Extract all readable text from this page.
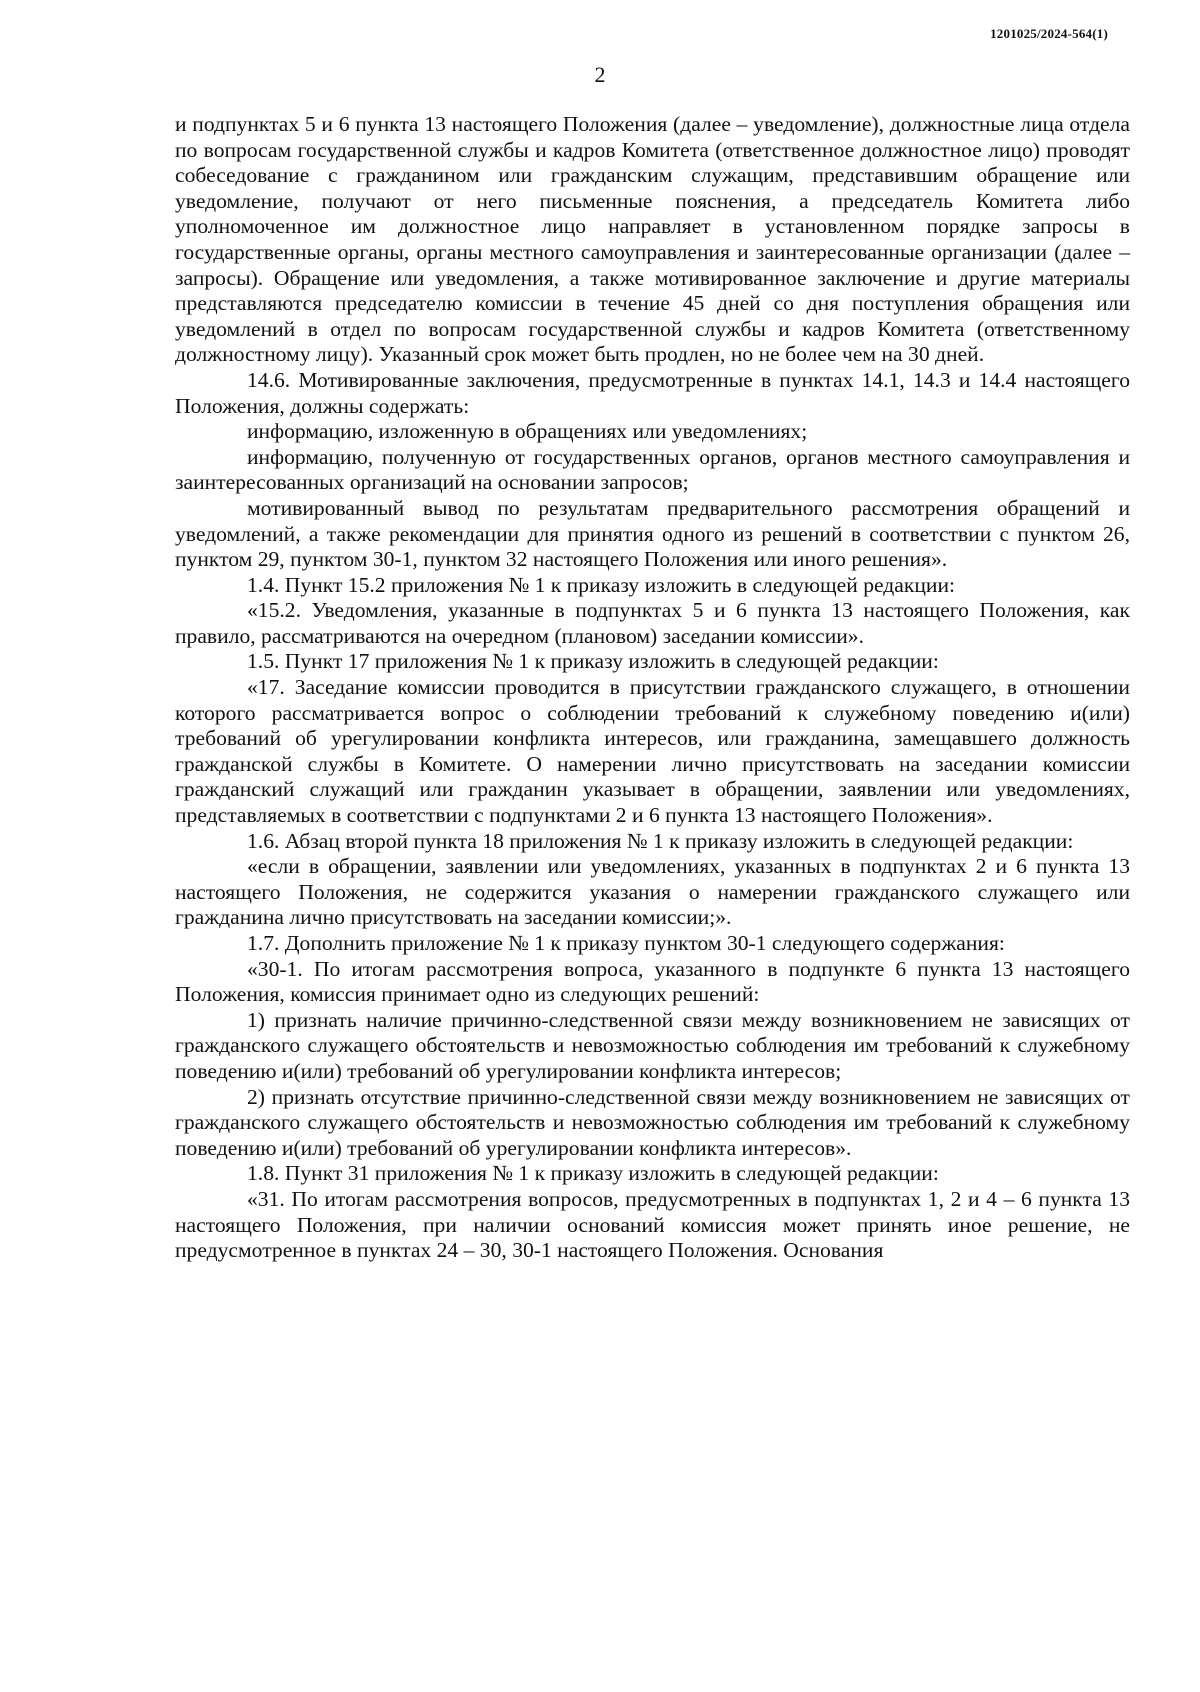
1201025/2024-564(1)
2

и подпунктах 5 и 6 пункта 13 настоящего Положения (далее – уведомление), должностные лица отдела по вопросам государственной службы и кадров Комитета (ответственное должностное лицо) проводят собеседование с гражданином или гражданским служащим, представившим обращение или уведомление, получают от него письменные пояснения, а председатель Комитета либо уполномоченное им должностное лицо направляет в установленном порядке запросы в государственные органы, органы местного самоуправления и заинтересованные организации (далее – запросы). Обращение или уведомления, а также мотивированное заключение и другие материалы представляются председателю комиссии в течение 45 дней со дня поступления обращения или уведомлений в отдел по вопросам государственной службы и кадров Комитета (ответственному должностному лицу). Указанный срок может быть продлен, но не более чем на 30 дней.

14.6. Мотивированные заключения, предусмотренные в пунктах 14.1, 14.3 и 14.4 настоящего Положения, должны содержать:

информацию, изложенную в обращениях или уведомлениях;

информацию, полученную от государственных органов, органов местного самоуправления и заинтересованных организаций на основании запросов;

мотивированный вывод по результатам предварительного рассмотрения обращений и уведомлений, а также рекомендации для принятия одного из решений в соответствии с пунктом 26, пунктом 29, пунктом 30-1, пунктом 32 настоящего Положения или иного решения».

1.4. Пункт 15.2 приложения № 1 к приказу изложить в следующей редакции:

«15.2. Уведомления, указанные в подпунктах 5 и 6 пункта 13 настоящего Положения, как правило, рассматриваются на очередном (плановом) заседании комиссии».

1.5. Пункт 17 приложения № 1 к приказу изложить в следующей редакции:

«17. Заседание комиссии проводится в присутствии гражданского служащего, в отношении которого рассматривается вопрос о соблюдении требований к служебному поведению и(или) требований об урегулировании конфликта интересов, или гражданина, замещавшего должность гражданской службы в Комитете. О намерении лично присутствовать на заседании комиссии гражданский служащий или гражданин указывает в обращении, заявлении или уведомлениях, представляемых в соответствии с подпунктами 2 и 6 пункта 13 настоящего Положения».

1.6. Абзац второй пункта 18 приложения № 1 к приказу изложить в следующей редакции:

«если в обращении, заявлении или уведомлениях, указанных в подпунктах 2 и 6 пункта 13 настоящего Положения, не содержится указания о намерении гражданского служащего или гражданина лично присутствовать на заседании комиссии;».

1.7. Дополнить приложение № 1 к приказу пунктом 30-1 следующего содержания:

«30-1. По итогам рассмотрения вопроса, указанного в подпункте 6 пункта 13 настоящего Положения, комиссия принимает одно из следующих решений:

1) признать наличие причинно-следственной связи между возникновением не зависящих от гражданского служащего обстоятельств и невозможностью соблюдения им требований к служебному поведению и(или) требований об урегулировании конфликта интересов;

2) признать отсутствие причинно-следственной связи между возникновением не зависящих от гражданского служащего обстоятельств и невозможностью соблюдения им требований к служебному поведению и(или) требований об урегулировании конфликта интересов».

1.8. Пункт 31 приложения № 1 к приказу изложить в следующей редакции:

«31. По итогам рассмотрения вопросов, предусмотренных в подпунктах 1, 2 и 4 – 6 пункта 13 настоящего Положения, при наличии оснований комиссия может принять иное решение, не предусмотренное в пунктах 24 – 30, 30-1 настоящего Положения. Основания
